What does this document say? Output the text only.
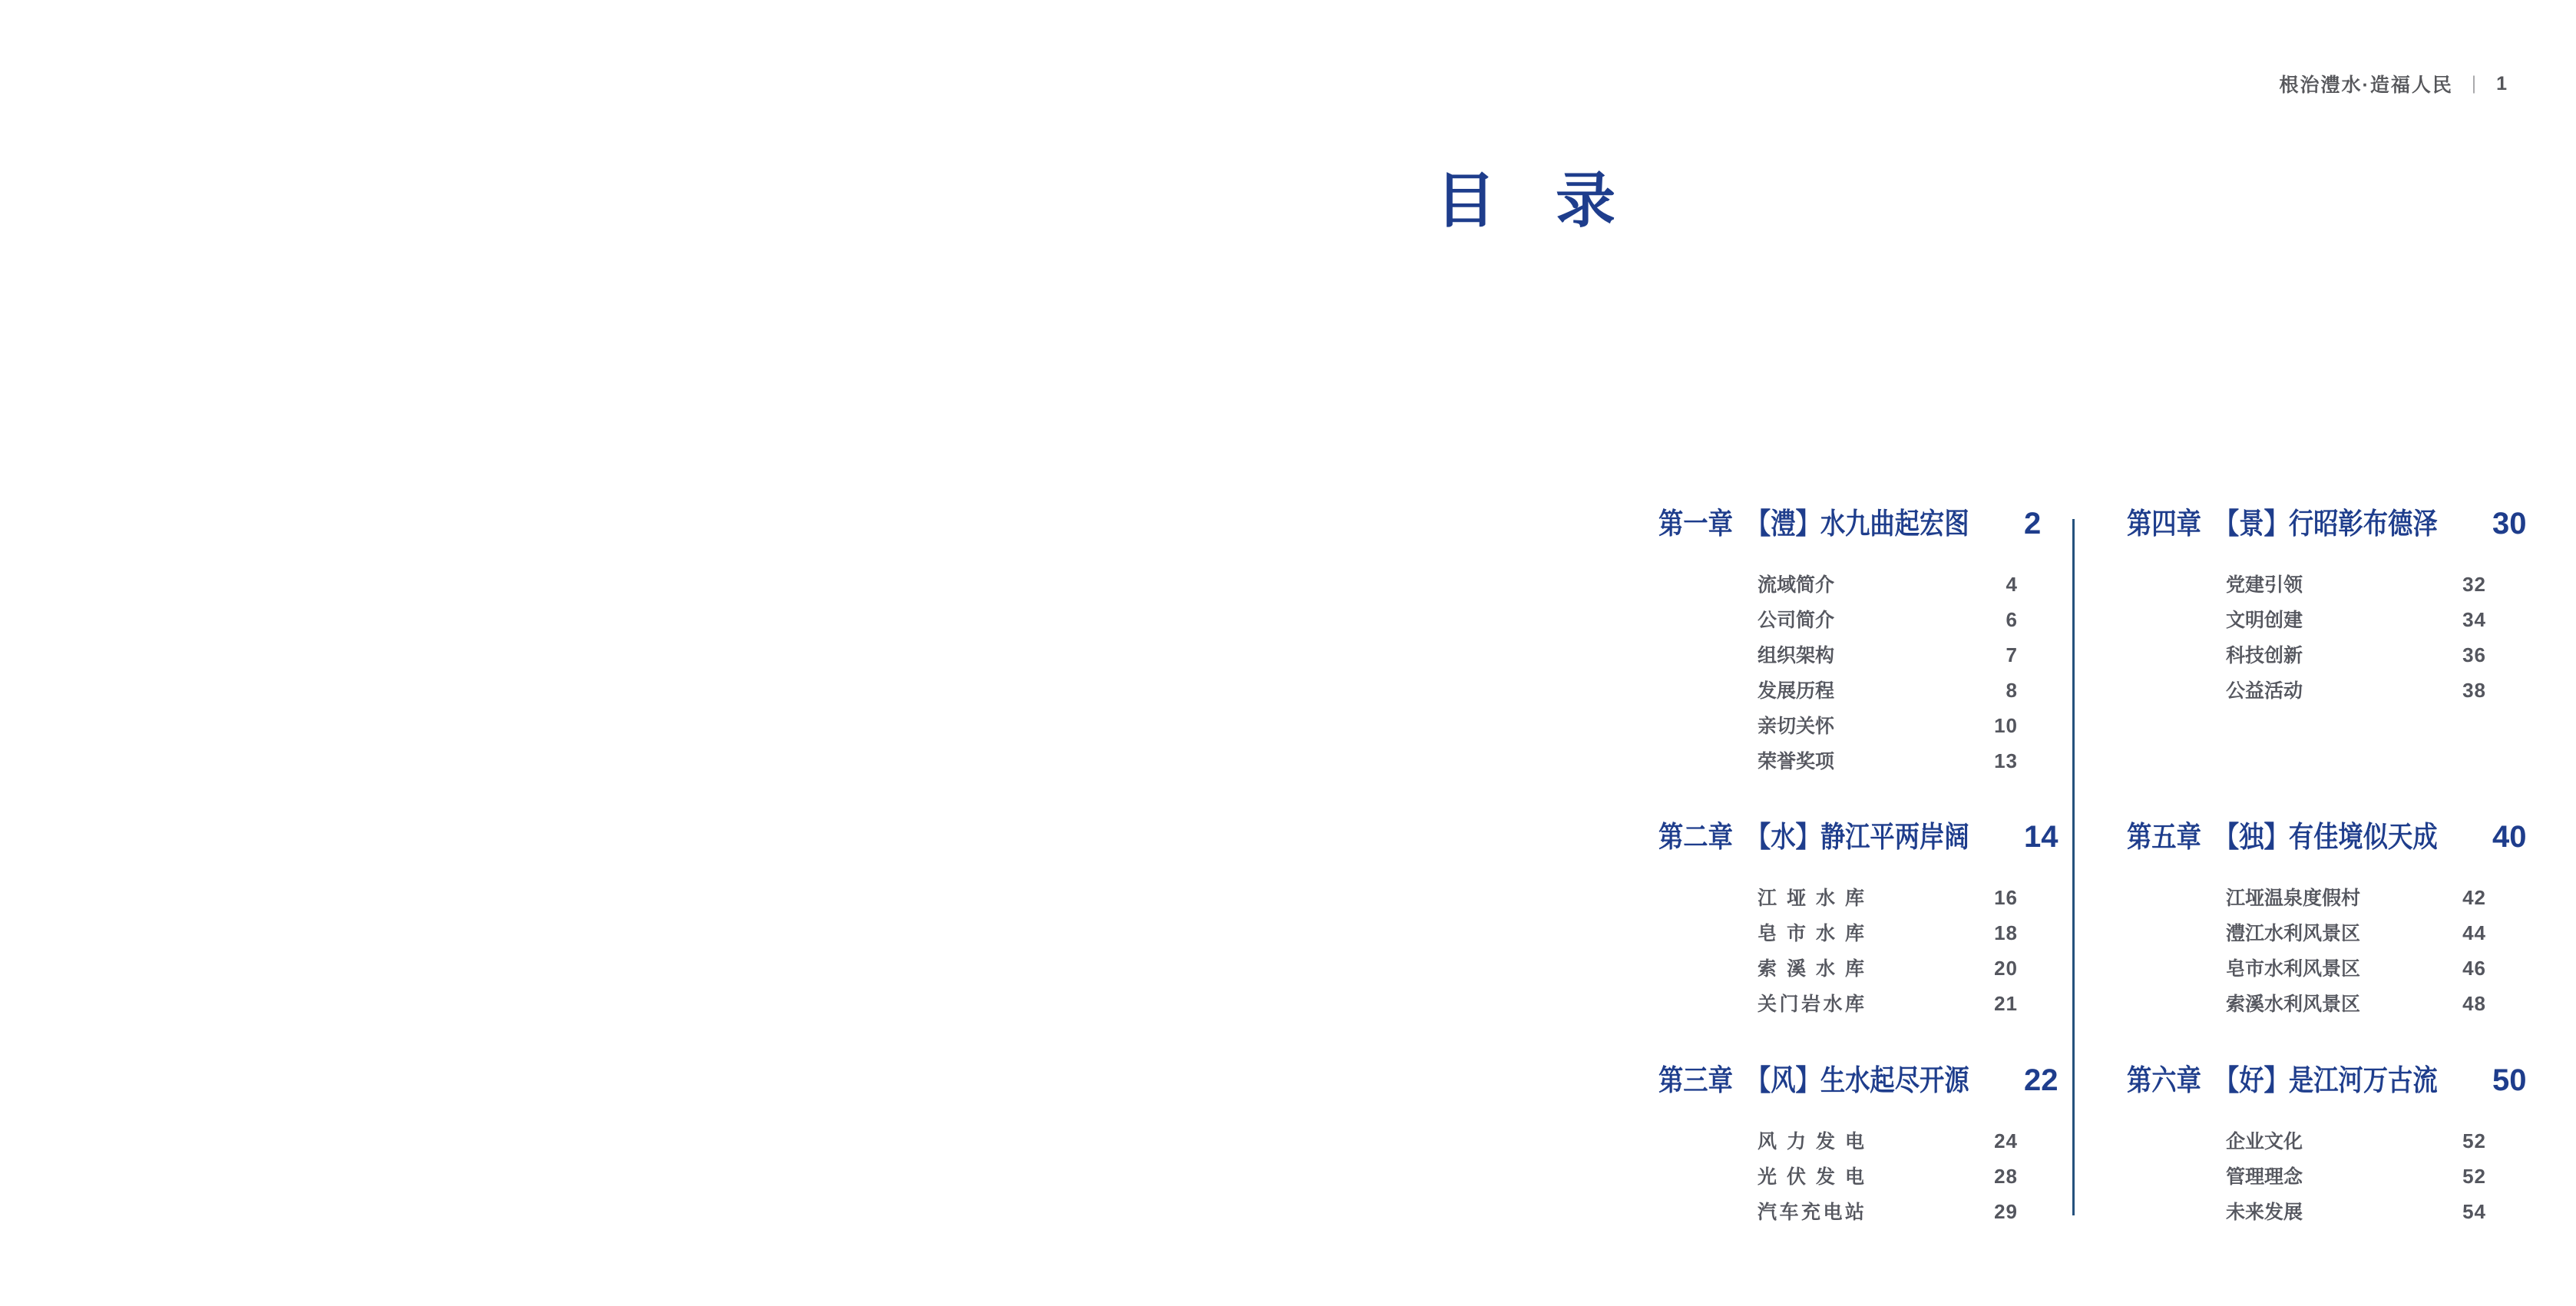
根治澧水·造福人民 | 1
目　录
第一章 【澧】水九曲起宏图 2
流域简介	4
公司简介	6
组织架构	7
发展历程	8
亲切关怀	10
荣誉奖项	13
第二章 【水】静江平两岸阔 14
江垭水库	16
皂市水库	18
索溪水库	20
关门岩水库	21
第三章 【风】生水起尽开源 22
风力发电	24
光伏发电	28
汽车充电站	29
第四章 【景】行昭彰布德泽 30
党建引领	32
文明创建	34
科技创新	36
公益活动	38
第五章 【独】有佳境似天成 40
江垭温泉度假村	42
澧江水利风景区	44
皂市水利风景区	46
索溪水利风景区	48
第六章 【好】是江河万古流 50
企业文化	52
管理理念	52
未来发展	54
